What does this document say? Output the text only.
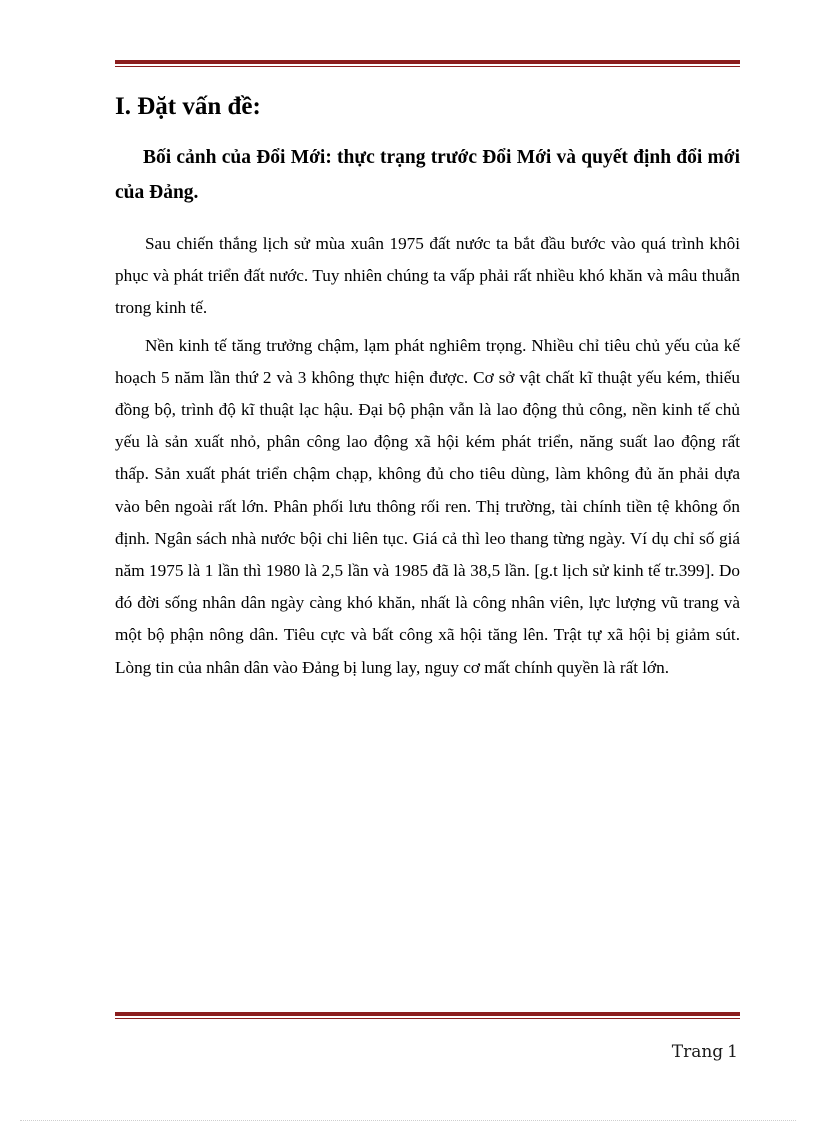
I. Đặt vấn đề:
Bối cảnh của Đổi Mới: thực trạng trước Đổi Mới và quyết định đổi mới của Đảng.

Sau chiến thắng lịch sử mùa xuân 1975 đất nước ta bắt đầu bước vào quá trình khôi phục và phát triển đất nước. Tuy nhiên chúng ta vấp phải rất nhiều khó khăn và mâu thuẫn trong kinh tế.

Nền kinh tế tăng trưởng chậm, lạm phát nghiêm trọng. Nhiều chỉ tiêu chủ yếu của kế hoạch 5 năm lần thứ 2 và 3 không thực hiện được. Cơ sở vật chất kĩ thuật yếu kém, thiếu đồng bộ, trình độ kĩ thuật lạc hậu. Đại bộ phận vẫn là lao động thủ công, nền kinh tế chủ yếu là sản xuất nhỏ, phân công lao động xã hội kém phát triển, năng suất lao động rất thấp. Sản xuất phát triển chậm chạp, không đủ cho tiêu dùng, làm không đủ ăn phải dựa vào bên ngoài rất lớn. Phân phối lưu thông rối ren. Thị trường, tài chính tiền tệ không ổn định. Ngân sách nhà nước bội chi liên tục. Giá cả thì leo thang từng ngày. Ví dụ chỉ số giá năm 1975 là 1 lần thì 1980 là 2,5 lần và 1985 đã là 38,5 lần. [g.t lịch sử kinh tế tr.399]. Do đó đời sống nhân dân ngày càng khó khăn, nhất là công nhân viên, lực lượng vũ trang và một bộ phận nông dân. Tiêu cực và bất công xã hội tăng lên. Trật tự xã hội bị giảm sút. Lòng tin của nhân dân vào Đảng bị lung lay, nguy cơ mất chính quyền là rất lớn.

Trang 1
